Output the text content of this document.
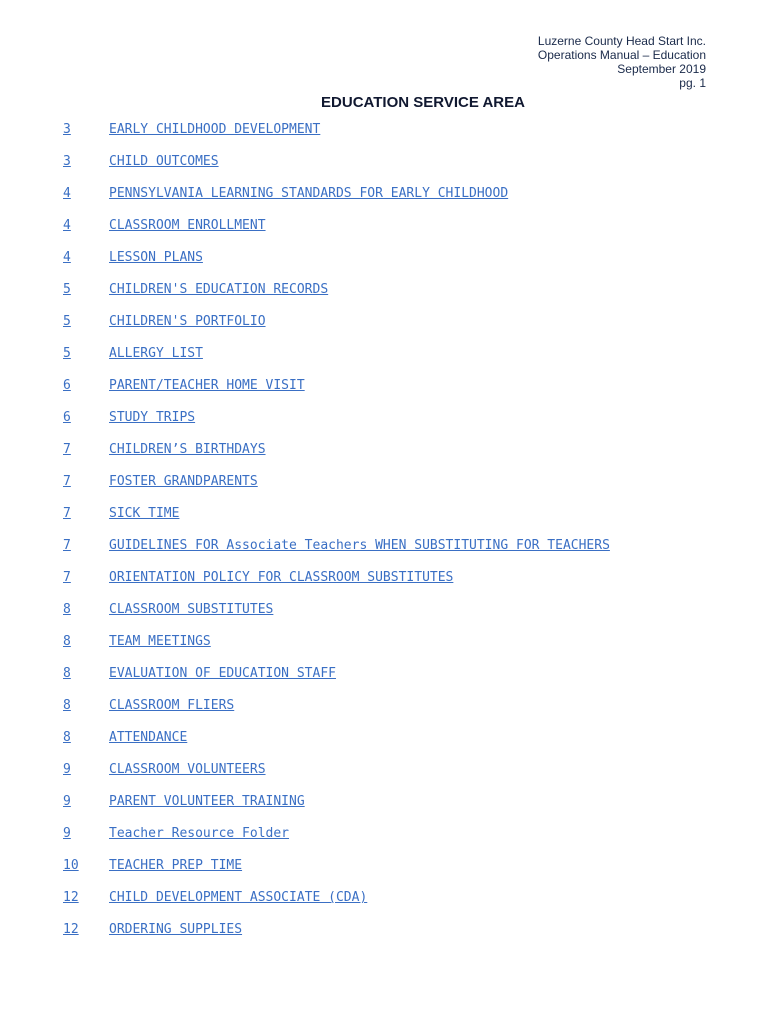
Luzerne County Head Start Inc.
Operations Manual – Education
September 2019
pg. 1
EDUCATION SERVICE AREA
3	EARLY CHILDHOOD DEVELOPMENT
3	CHILD OUTCOMES
4	PENNSYLVANIA LEARNING STANDARDS FOR EARLY CHILDHOOD
4	CLASSROOM ENROLLMENT
4	LESSON PLANS
5	CHILDREN'S EDUCATION RECORDS
5	CHILDREN'S PORTFOLIO
5	ALLERGY LIST
6	PARENT/TEACHER HOME VISIT
6	STUDY TRIPS
7	CHILDREN’S BIRTHDAYS
7	FOSTER GRANDPARENTS
7	SICK TIME
7	GUIDELINES FOR Associate Teachers WHEN SUBSTITUTING FOR TEACHERS
7	ORIENTATION POLICY FOR CLASSROOM SUBSTITUTES
8	CLASSROOM SUBSTITUTES
8	TEAM MEETINGS
8	EVALUATION OF EDUCATION STAFF
8	CLASSROOM FLIERS
8	ATTENDANCE
9	CLASSROOM VOLUNTEERS
9	PARENT VOLUNTEER TRAINING
9	Teacher Resource Folder
10 TEACHER PREP TIME
12 CHILD DEVELOPMENT ASSOCIATE (CDA)
12 ORDERING SUPPLIES
